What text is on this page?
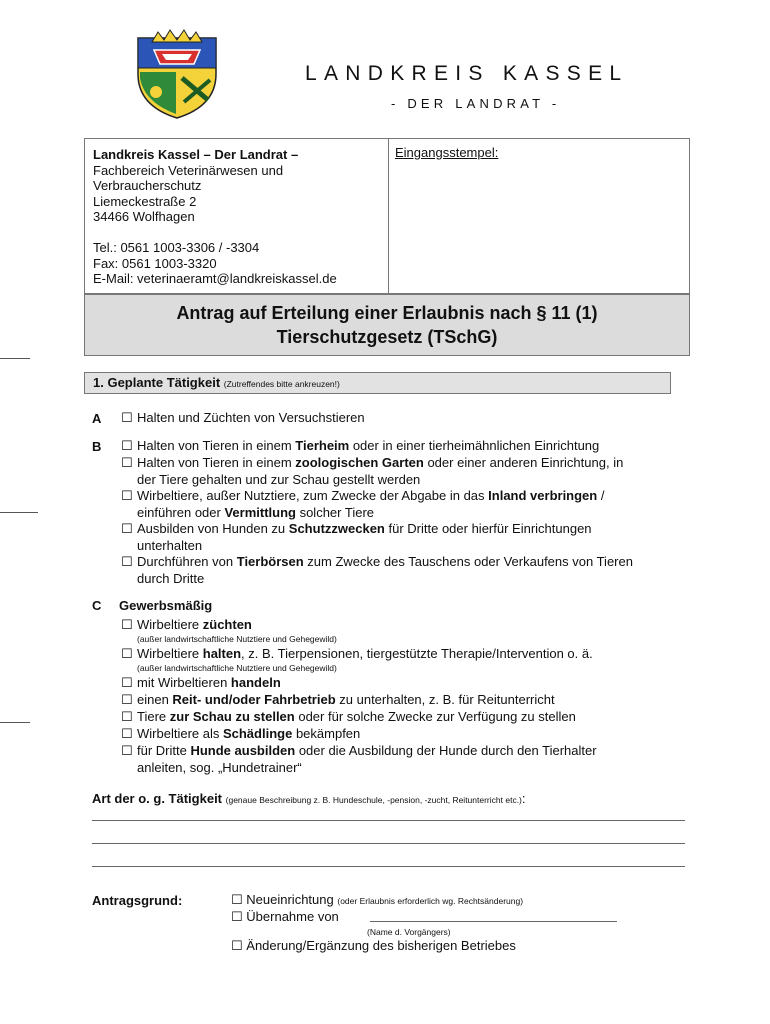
LANDKREIS KASSEL
- DER LANDRAT -
Landkreis Kassel – Der Landrat –
Fachbereich Veterinärwesen und
Verbraucherschutz
Liemeckestraße 2
34466 Wolfhagen
Tel.: 0561 1003-3306 / -3304
Fax: 0561 1003-3320
E-Mail: veterinaeramt@landkreiskassel.de
Eingangsstempel:
Antrag auf Erteilung einer Erlaubnis nach § 11 (1)
Tierschutzgesetz (TSchG)
1. Geplante Tätigkeit (Zutreffendes bitte ankreuzen!)
A ☐ Halten und Züchten von Versuchstieren
B ☐ Halten von Tieren in einem Tierheim oder in einer tierheimähnlichen Einrichtung
☐ Halten von Tieren in einem zoologischen Garten oder einer anderen Einrichtung, in
der Tiere gehalten und zur Schau gestellt werden
☐ Wirbeltiere, außer Nutztiere, zum Zwecke der Abgabe in das Inland verbringen /
einführen oder Vermittlung solcher Tiere
☐ Ausbilden von Hunden zu Schutzzwecken für Dritte oder hierfür Einrichtungen
unterhalten
☐ Durchführen von Tierbörsen zum Zwecke des Tauschens oder Verkaufens von Tieren
durch Dritte
C Gewerbsmäßig
☐ Wirbeltiere züchten
(außer landwirtschaftliche Nutztiere und Gehegewild)
☐ Wirbeltiere halten, z. B. Tierpensionen, tiergestützte Therapie/Intervention o. ä.
(außer landwirtschaftliche Nutztiere und Gehegewild)
☐ mit Wirbeltieren handeln
☐ einen Reit- und/oder Fahrbetrieb zu unterhalten, z. B. für Reitunterricht
☐ Tiere zur Schau zu stellen oder für solche Zwecke zur Verfügung zu stellen
☐ Wirbeltiere als Schädlinge bekämpfen
☐ für Dritte Hunde ausbilden oder die Ausbildung der Hunde durch den Tierhalter
anleiten, sog. „Hundetrainer“
Art der o. g. Tätigkeit (genaue Beschreibung z. B. Hundeschule, -pension, -zucht, Reitunterricht etc.):
Antragsgrund:	☐ Neueinrichtung (oder Erlaubnis erforderlich wg. Rechtsänderung)
☐ Übernahme von
(Name d. Vorgängers)
☐ Änderung/Ergänzung des bisherigen Betriebes
